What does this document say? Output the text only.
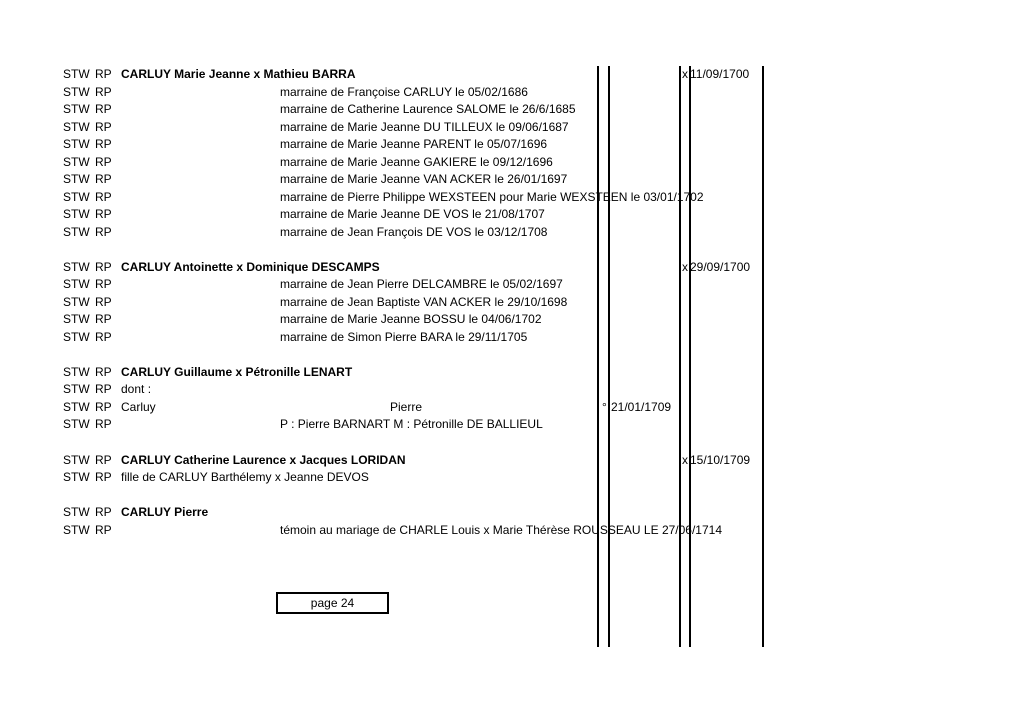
STW RP CARLUY Marie Jeanne x Mathieu BARRA	x 11/09/1700
STW RP	marraine de Françoise CARLUY le 05/02/1686
STW RP	marraine de Catherine Laurence SALOME le 26/6/1685
STW RP	marraine de Marie Jeanne DU TILLEUX le 09/06/1687
STW RP	marraine de Marie Jeanne PARENT le 05/07/1696
STW RP	marraine de Marie Jeanne GAKIERE le 09/12/1696
STW RP	marraine de Marie Jeanne VAN ACKER le 26/01/1697
STW RP	marraine de Pierre Philippe WEXSTEEN pour Marie WEXSTEEN le 03/01/1702
STW RP	marraine de Marie Jeanne DE VOS le 21/08/1707
STW RP	marraine de Jean François DE VOS le 03/12/1708
STW RP CARLUY Antoinette x Dominique DESCAMPS	x 29/09/1700
STW RP	marraine de Jean Pierre DELCAMBRE le 05/02/1697
STW RP	marraine de Jean Baptiste VAN ACKER le 29/10/1698
STW RP	marraine de Marie Jeanne BOSSU le 04/06/1702
STW RP	marraine de Simon Pierre BARA le 29/11/1705
STW RP CARLUY Guillaume x Pétronille LENART
STW RP dont :
STW RP Carluy	Pierre	° 21/01/1709
STW RP	P : Pierre BARNART M : Pétronille DE BALLIEUL
STW RP CARLUY Catherine Laurence x Jacques LORIDAN	x 15/10/1709
STW RP fille de CARLUY Barthélemy x Jeanne DEVOS
STW RP CARLUY Pierre
STW RP	témoin au mariage de CHARLE Louis x Marie Thérèse ROUSSEAU LE 27/06/1714
page 24
